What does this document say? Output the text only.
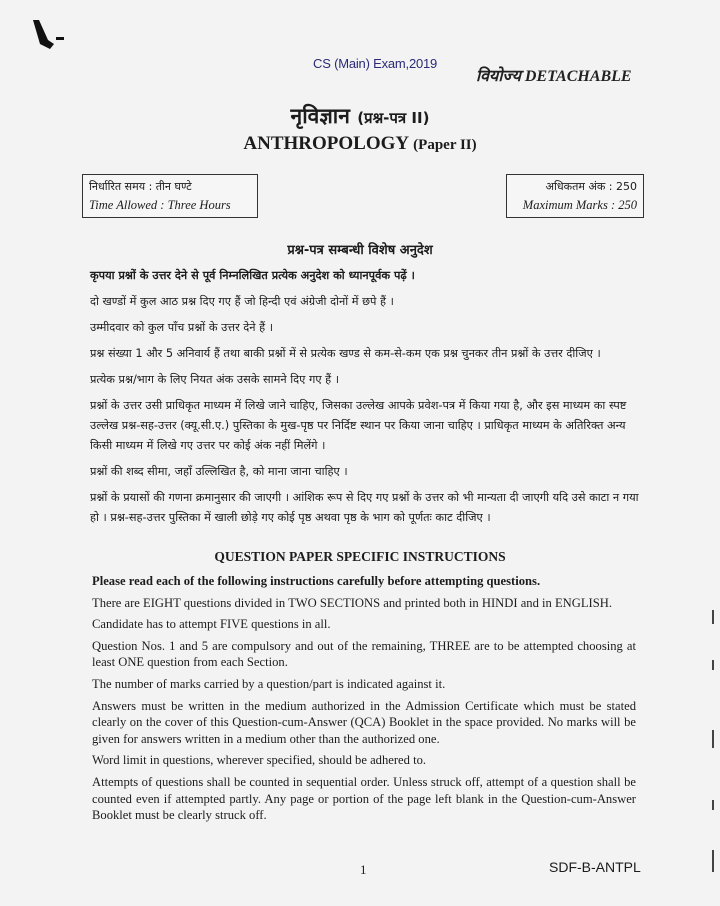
CS (Main) Exam,2019
वियोज्य DETACHABLE
नृविज्ञान (प्रश्न-पत्र II)
ANTHROPOLOGY (Paper II)
निर्धारित समय : तीन घण्टे
Time Allowed : Three Hours
अधिकतम अंक : 250
Maximum Marks : 250
प्रश्न-पत्र सम्बन्धी विशेष अनुदेश

कृपया प्रश्नों के उत्तर देने से पूर्व निम्नलिखित प्रत्येक अनुदेश को ध्यानपूर्वक पढ़ें ।

दो खण्डों में कुल आठ प्रश्न दिए गए हैं जो हिन्दी एवं अंग्रेजी दोनों में छपे हैं ।

उम्मीदवार को कुल पाँच प्रश्नों के उत्तर देने हैं ।

प्रश्न संख्या 1 और 5 अनिवार्य हैं तथा बाकी प्रश्नों में से प्रत्येक खण्ड से कम-से-कम एक प्रश्न चुनकर तीन प्रश्नों के उत्तर दीजिए ।

प्रत्येक प्रश्न/भाग के लिए नियत अंक उसके सामने दिए गए हैं ।

प्रश्नों के उत्तर उसी प्राधिकृत माध्यम में लिखे जाने चाहिए, जिसका उल्लेख आपके प्रवेश-पत्र में किया गया है, और इस माध्यम का स्पष्ट उल्लेख प्रश्न-सह-उत्तर (क्यू.सी.ए.) पुस्तिका के मुख-पृष्ठ पर निर्दिष्ट स्थान पर किया जाना चाहिए । प्राधिकृत माध्यम के अतिरिक्त अन्य किसी माध्यम में लिखे गए उत्तर पर कोई अंक नहीं मिलेंगे ।

प्रश्नों की शब्द सीमा, जहाँ उल्लिखित है, को माना जाना चाहिए ।

प्रश्नों के प्रयासों की गणना क्रमानुसार की जाएगी । आंशिक रूप से दिए गए प्रश्नों के उत्तर को भी मान्यता दी जाएगी यदि उसे काटा न गया हो । प्रश्न-सह-उत्तर पुस्तिका में खाली छोड़े गए कोई पृष्ठ अथवा पृष्ठ के भाग को पूर्णतः काट दीजिए ।

QUESTION PAPER SPECIFIC INSTRUCTIONS

Please read each of the following instructions carefully before attempting questions.

There are EIGHT questions divided in TWO SECTIONS and printed both in HINDI and in ENGLISH.

Candidate has to attempt FIVE questions in all.

Question Nos. 1 and 5 are compulsory and out of the remaining, THREE are to be attempted choosing at least ONE question from each Section.

The number of marks carried by a question/part is indicated against it.

Answers must be written in the medium authorized in the Admission Certificate which must be stated clearly on the cover of this Question-cum-Answer (QCA) Booklet in the space provided. No marks will be given for answers written in a medium other than the authorized one.

Word limit in questions, wherever specified, should be adhered to.

Attempts of questions shall be counted in sequential order. Unless struck off, attempt of a question shall be counted even if attempted partly. Any page or portion of the page left blank in the Question-cum-Answer Booklet must be clearly struck off.

1	SDF-B-ANTPL
